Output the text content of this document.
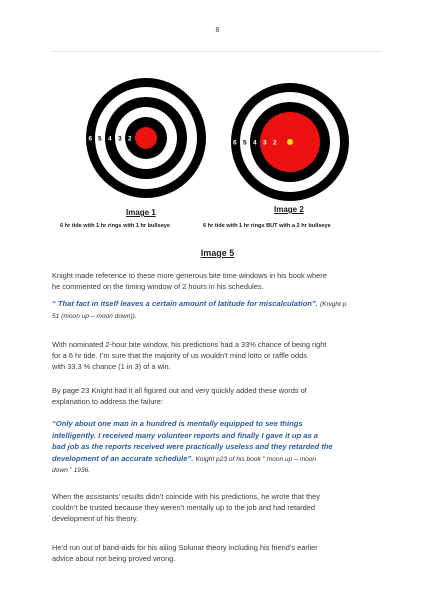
8
6 5 4 3 2
6 5 4 3 2
Image 1	Image 2
6 hr tide with 1 hr rings with 1 hr bullseye	6 hr tide with 1 hr rings BUT with a 2 hr bullseye
Image 5
Knight made reference to these more generous bite time windows in his book where
he commented on the timing window of 2 hours in his schedules.
“ That fact in itself leaves a certain amount of latitude for miscalculation”. (Knight p
51 (moon up – moon down)).
With nominated 2-hour bite window, his predictions had a 33% chance of being right
for a 6 hr tide. I’m sure that the majority of us wouldn’t mind lotto or raffle odds
with 33.3 % chance (1 in 3) of a win.
By page 23 Knight had it all figured out and very quickly added these words of
explanation to address the failure:
“Only about one man in a hundred is mentally equipped to see things
intelligently. I received many volunteer reports and finally I gave it up as a
bad job as the reports received were practically useless and they retarded the
development of an accurate schedule”. Knight p23 of his book “ moon up – moon
down ” 1936.
When the assistants’ results didn’t coincide with his predictions, he wrote that they
couldn’t be trusted because they weren’t mentally up to the job and had retarded
development of his theory.
He’d run out of band-aids for his ailing Solunar theory including his friend’s earlier
advice about not being proved wrong.
